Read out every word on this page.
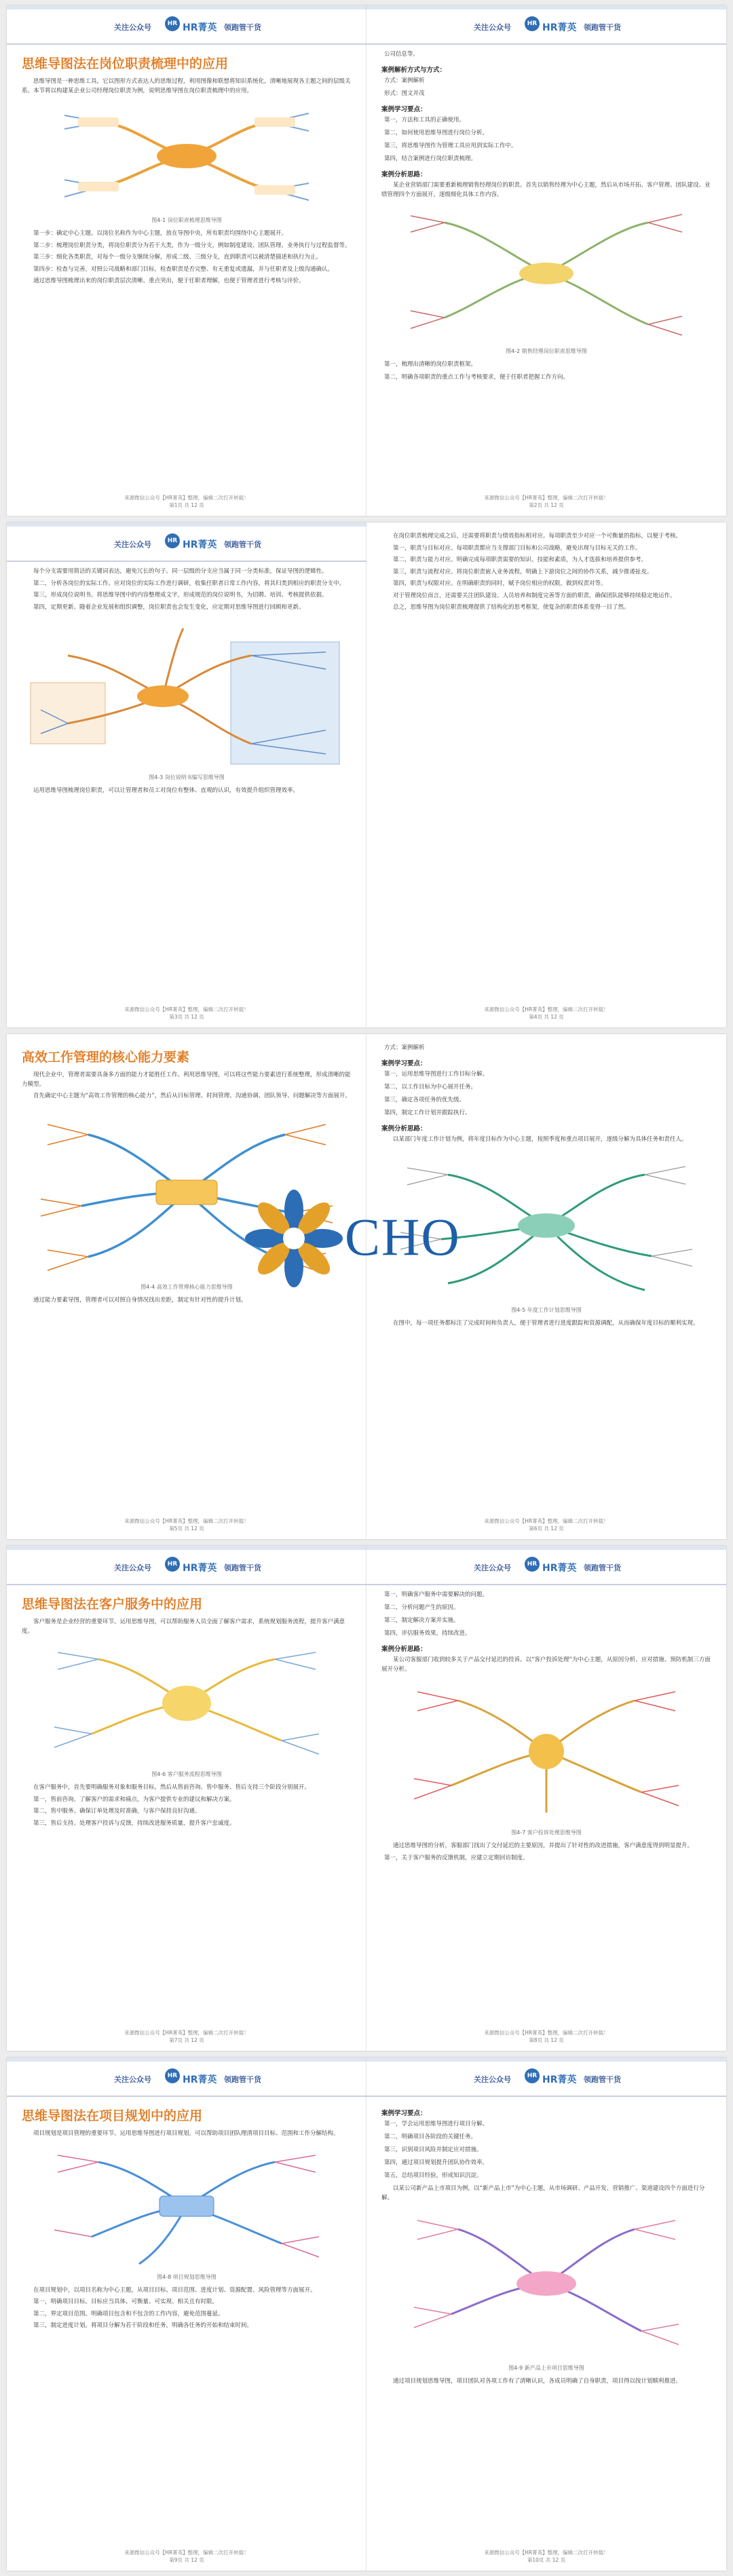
关注公众号	HR HR菁英 领跑管干货
思维导图法在岗位职责梳理中的应用
思维导图是一种思维工具，它以图形方式表达人的思维过程，利用图像和联想将知识系统化，清晰地展现各主题之间的层级关系。本节将以构建某企业公司经理岗位职责为例，说明思维导图在岗位职责梳理中的应用。
图4-1 岗位职责梳理思维导图
第一步：确定中心主题。以岗位名称作为中心主题，放在导图中央，所有职责均围绕中心主题展开。
第二步：梳理岗位职责分类，将岗位职责分为若干大类，作为一级分支，例如制度建设、团队管理、业务执行与过程监督等。
第三步：细化各类职责，对每个一级分支继续分解，形成二级、三级分支，直到职责可以被清楚描述和执行为止。
第四步：检查与完善，对照公司战略和部门目标，检查职责是否完整、有无重复或遗漏，并与任职者及上级沟通确认。
通过思维导图梳理出来的岗位职责层次清晰、重点突出，便于任职者理解，也便于管理者进行考核与评价。
来源微信公众号【HR菁英】整理，编辑二次打开转载！
第1页 共 12 页
关注公众号	HR HR菁英 领跑管干货
公司信息等。
案例解析方式与方式：
方式：案例解析
形式：图文并茂
案例学习要点：
第一，方法和工具的正确使用。
第二，如何使用思维导图进行岗位分析。
第三，将思维导图作为管理工具应用到实际工作中。
第四，结合案例进行岗位职责梳理。
案例分析思路：
某企业营销部门需要重新梳理销售经理岗位的职责。首先以销售经理为中心主题，然后从市场开拓、客户管理、团队建设、业绩管理四个方面展开，逐级细化具体工作内容。
图4-2 销售经理岗位职责思维导图
第一，梳理出清晰的岗位职责框架。
第二，明确各项职责的重点工作与考核要求，便于任职者把握工作方向。
来源微信公众号【HR菁英】整理，编辑二次打开转载！
第2页 共 12 页
关注公众号	HR HR菁英 领跑管干货
每个分支需要用简洁的关键词表达，避免冗长的句子。同一层级的分支应当属于同一分类标准，保证导图的逻辑性。
第二，分析各岗位的实际工作。应对岗位的实际工作进行调研，收集任职者日常工作内容，将其归类到相应的职责分支中。
第三，形成岗位说明书。将思维导图中的内容整理成文字，形成规范的岗位说明书，为招聘、培训、考核提供依据。
第四，定期更新。随着企业发展和组织调整，岗位职责也会发生变化，应定期对思维导图进行回顾和更新。
图4-3 岗位说明书编写思维导图
运用思维导图梳理岗位职责，可以让管理者和员工对岗位有整体、直观的认识，有效提升组织管理效率。
来源微信公众号【HR菁英】整理，编辑二次打开转载！
第3页 共 12 页
在岗位职责梳理完成之后，还需要将职责与绩效指标相对应。每项职责至少对应一个可衡量的指标，以便于考核。
第一，职责与目标对应。每项职责都应当支撑部门目标和公司战略，避免出现与目标无关的工作。
第二，职责与能力对应。明确完成每项职责需要的知识、技能和素质，为人才选拔和培养提供参考。
第三，职责与流程对应。将岗位职责嵌入业务流程，明确上下游岗位之间的协作关系，减少推诿扯皮。
第四，职责与权限对应。在明确职责的同时，赋予岗位相应的权限，做到权责对等。
对于管理岗位而言，还需要关注团队建设、人员培养和制度完善等方面的职责，确保团队能够持续稳定地运作。
总之，思维导图为岗位职责梳理提供了结构化的思考框架，使复杂的职责体系变得一目了然。
来源微信公众号【HR菁英】整理，编辑二次打开转载！
第4页 共 12 页
高效工作管理的核心能力要素
现代企业中，管理者需要具备多方面的能力才能胜任工作。利用思维导图，可以将这些能力要素进行系统整理，形成清晰的能力模型。
首先确定中心主题为“高效工作管理的核心能力”，然后从目标管理、时间管理、沟通协调、团队领导、问题解决等方面展开。
图4-4 高效工作管理核心能力思维导图
通过能力要素导图，管理者可以对照自身情况找出差距，制定有针对性的提升计划。
来源微信公众号【HR菁英】整理，编辑二次打开转载！
第5页 共 12 页
方式：案例解析
案例学习要点：
第一，运用思维导图进行工作目标分解。
第二，以工作目标为中心展开任务。
第三，确定各项任务的优先级。
第四，制定工作计划并跟踪执行。
案例分析思路：
以某部门年度工作计划为例，将年度目标作为中心主题，按照季度和重点项目展开，逐级分解为具体任务和责任人。
图4-5 年度工作计划思维导图
在图中，每一项任务都标注了完成时间和负责人，便于管理者进行进度跟踪和资源调配，从而确保年度目标的顺利实现。
来源微信公众号【HR菁英】整理，编辑二次打开转载！
第6页 共 12 页
关注公众号	HR HR菁英 领跑管干货
思维导图法在客户服务中的应用
客户服务是企业经营的重要环节。运用思维导图，可以帮助服务人员全面了解客户需求，系统规划服务流程，提升客户满意度。
图4-6 客户服务流程思维导图
在客户服务中，首先要明确服务对象和服务目标，然后从售前咨询、售中服务、售后支持三个阶段分别展开。
第一，售前咨询。了解客户的需求和痛点，为客户提供专业的建议和解决方案。
第二，售中服务。确保订单处理及时准确，与客户保持良好沟通。
第三，售后支持。处理客户投诉与反馈，持续改进服务质量，提升客户忠诚度。
来源微信公众号【HR菁英】整理，编辑二次打开转载！
第7页 共 12 页
关注公众号	HR HR菁英 领跑管干货
第一，明确客户服务中需要解决的问题。
第二，分析问题产生的原因。
第三，制定解决方案并实施。
第四，评估服务效果，持续改进。
案例分析思路：
某公司客服部门收到较多关于产品交付延迟的投诉。以“客户投诉处理”为中心主题，从原因分析、应对措施、预防机制三方面展开分析。
图4-7 客户投诉处理思维导图
通过思维导图的分析，客服部门找出了交付延迟的主要原因，并提出了针对性的改进措施，客户满意度得到明显提升。
第一，关于客户服务的反馈机制，应建立定期回访制度。
来源微信公众号【HR菁英】整理，编辑二次打开转载！
第8页 共 12 页
关注公众号	HR HR菁英 领跑管干货
思维导图法在项目规划中的应用
项目规划是项目管理的重要环节。运用思维导图进行项目规划，可以帮助项目团队理清项目目标、范围和工作分解结构。
图4-8 项目规划思维导图
在项目规划中，以项目名称为中心主题，从项目目标、项目范围、进度计划、资源配置、风险管理等方面展开。
第一，明确项目目标。目标应当具体、可衡量、可实现、相关且有时限。
第二，界定项目范围。明确项目包含和不包含的工作内容，避免范围蔓延。
第三，制定进度计划。将项目分解为若干阶段和任务，明确各任务的开始和结束时间。
来源微信公众号【HR菁英】整理，编辑二次打开转载！
第9页 共 12 页
关注公众号	HR HR菁英 领跑管干货
案例学习要点：
第一，学会运用思维导图进行项目分解。
第二，明确项目各阶段的关键任务。
第三，识别项目风险并制定应对措施。
第四，通过项目规划提升团队协作效率。
第五，总结项目经验，形成知识沉淀。
以某公司新产品上市项目为例，以“新产品上市”为中心主题，从市场调研、产品开发、营销推广、渠道建设四个方面进行分解。
图4-9 新产品上市项目思维导图
通过项目规划思维导图，项目团队对各项工作有了清晰认识，各成员明确了自身职责，项目得以按计划顺利推进。
来源微信公众号【HR菁英】整理，编辑二次打开转载！
第10页 共 12 页
CHO
